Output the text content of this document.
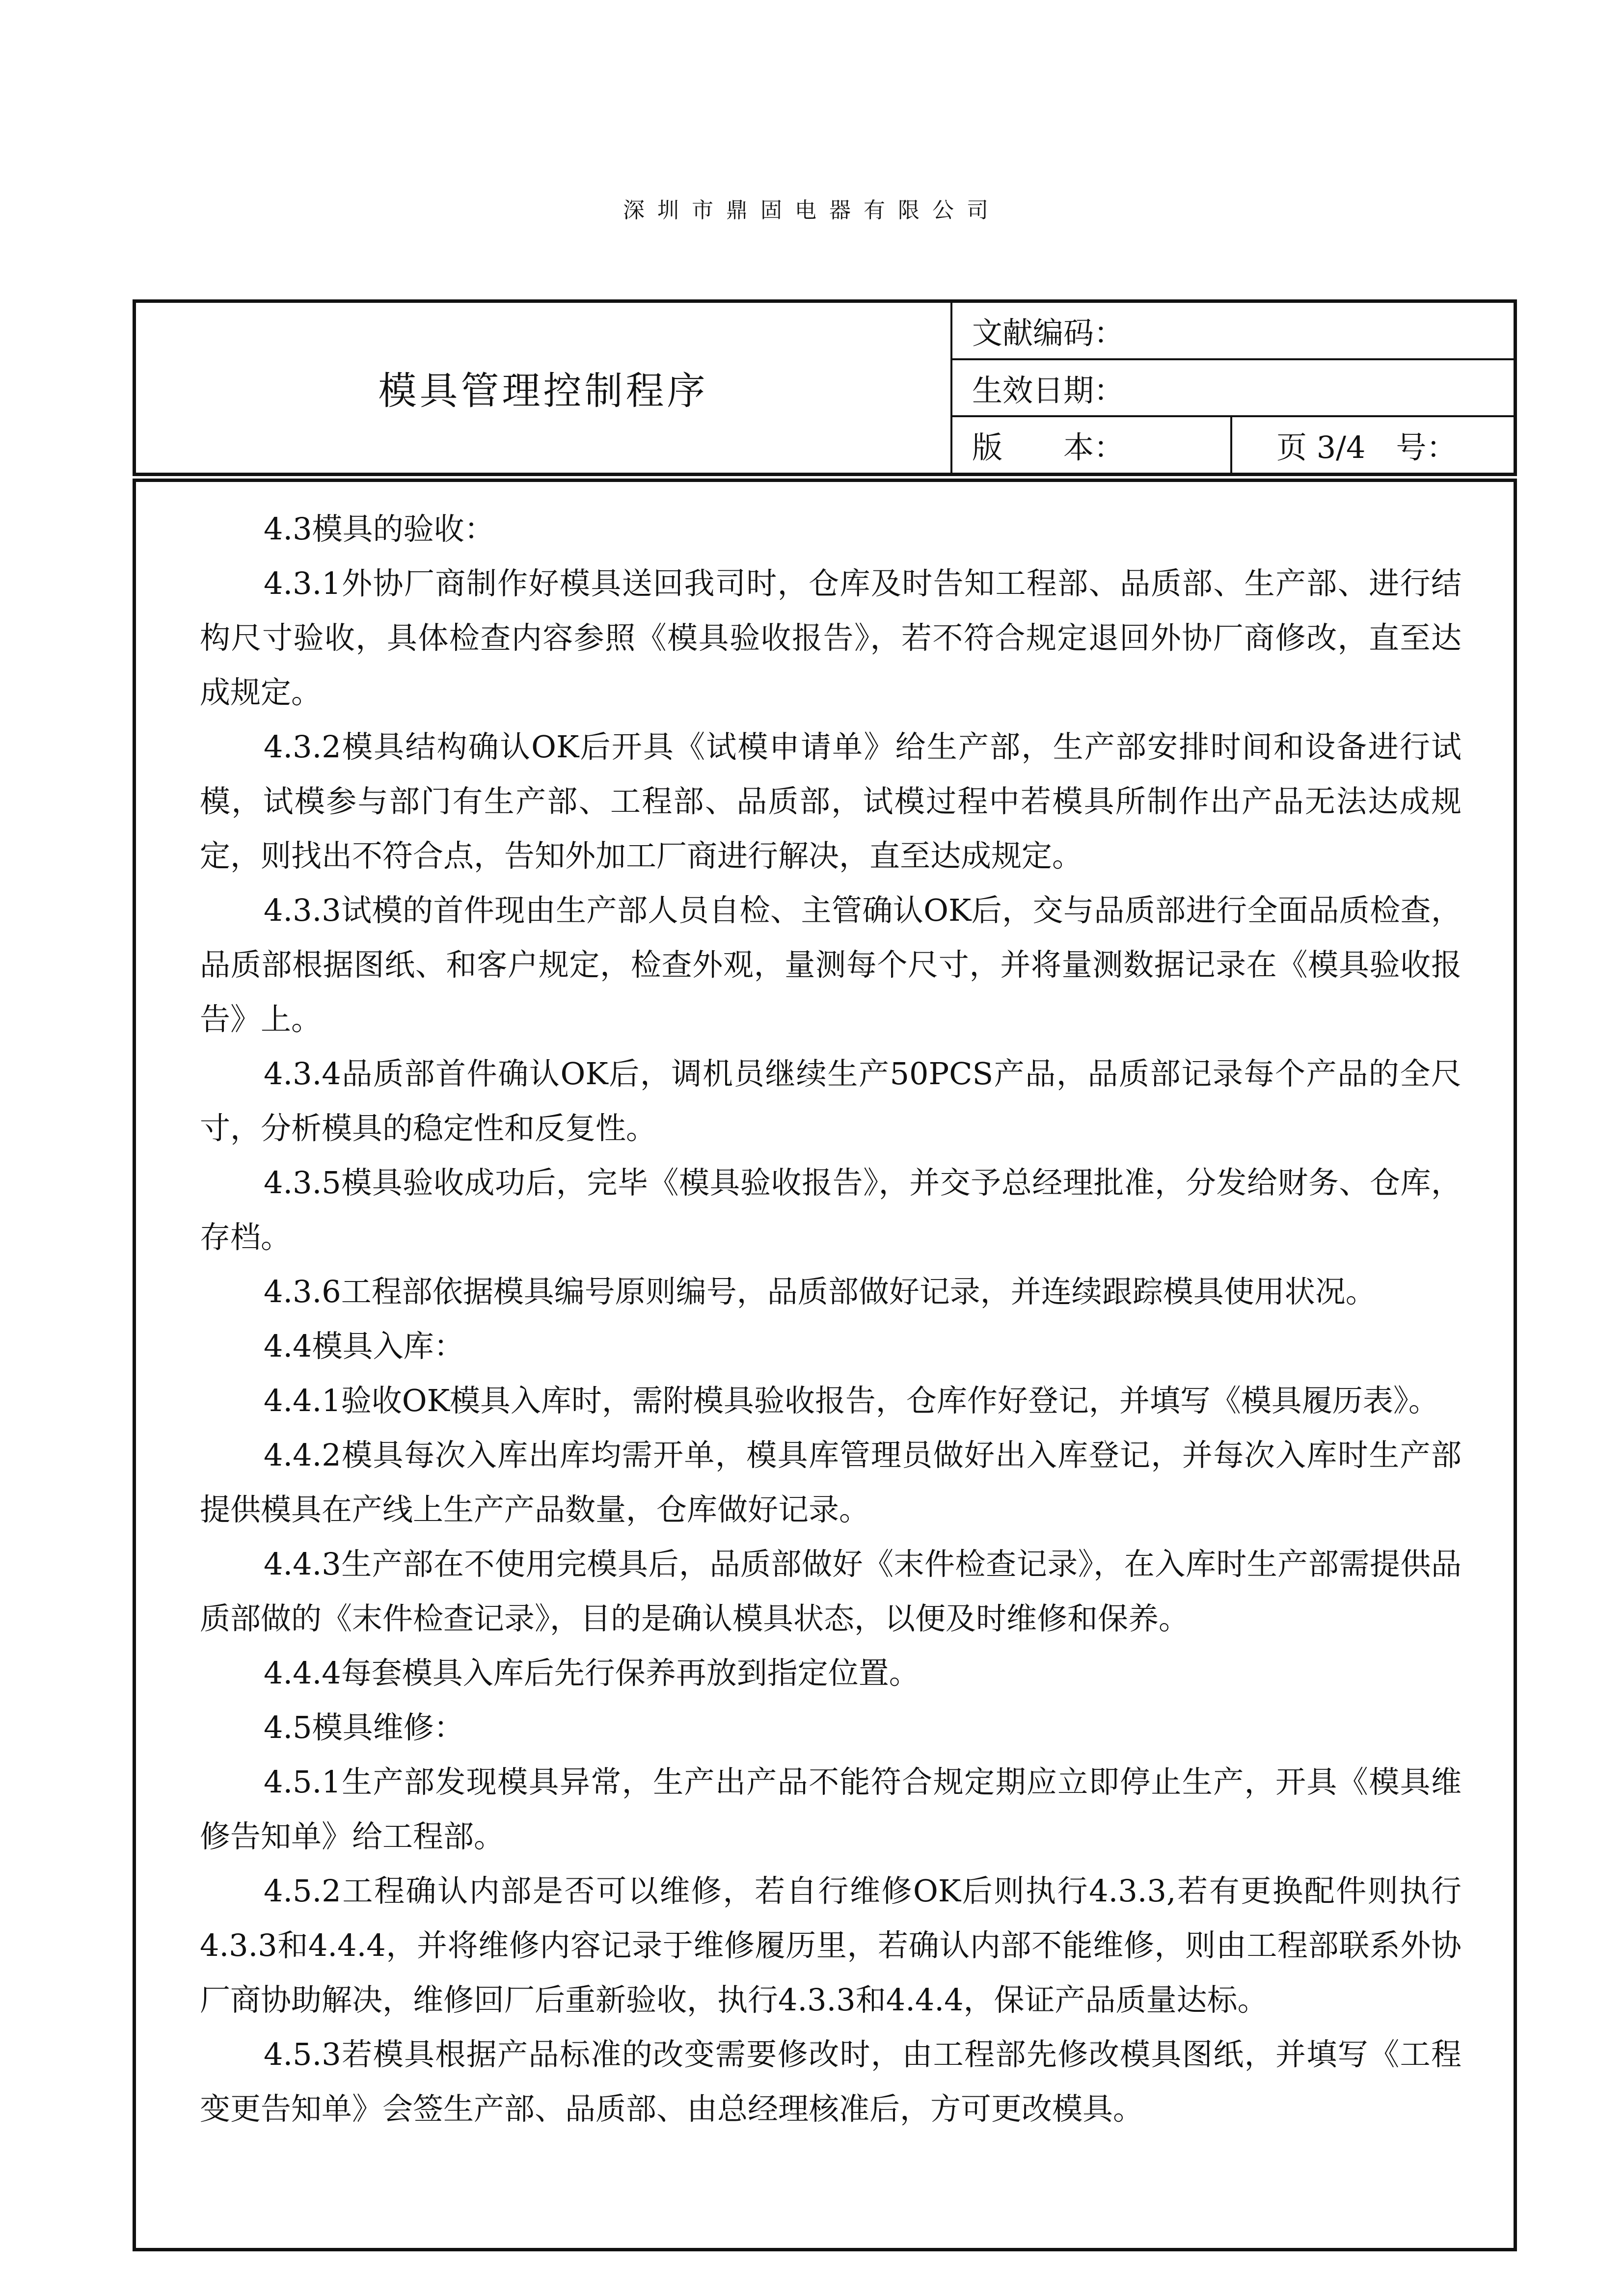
深圳市鼎固电器有限公司
模具管理控制程序
文献编码：
生效日期：
版　　本：	页 3/4　号：

4.3模具的验收：

4.3.1外协厂商制作好模具送回我司时，仓库及时告知工程部、品质部、生产部、进行结构尺寸验收，具体检查内容参照《模具验收报告》，若不符合规定退回外协厂商修改，直至达成规定。

4.3.2模具结构确认OK后开具《试模申请单》给生产部，生产部安排时间和设备进行试模，试模参与部门有生产部、工程部、品质部，试模过程中若模具所制作出产品无法达成规定，则找出不符合点，告知外加工厂商进行解决，直至达成规定。

4.3.3试模的首件现由生产部人员自检、主管确认OK后，交与品质部进行全面品质检查，品质部根据图纸、和客户规定，检查外观，量测每个尺寸，并将量测数据记录在《模具验收报告》上。

4.3.4品质部首件确认OK后，调机员继续生产50PCS产品，品质部记录每个产品的全尺寸，分析模具的稳定性和反复性。

4.3.5模具验收成功后，完毕《模具验收报告》，并交予总经理批准，分发给财务、仓库，存档。

4.3.6工程部依据模具编号原则编号，品质部做好记录，并连续跟踪模具使用状况。

4.4模具入库：

4.4.1验收OK模具入库时，需附模具验收报告，仓库作好登记，并填写《模具履历表》。

4.4.2模具每次入库出库均需开单，模具库管理员做好出入库登记，并每次入库时生产部提供模具在产线上生产产品数量，仓库做好记录。

4.4.3生产部在不使用完模具后，品质部做好《末件检查记录》，在入库时生产部需提供品质部做的《末件检查记录》，目的是确认模具状态，以便及时维修和保养。

4.4.4每套模具入库后先行保养再放到指定位置。

4.5模具维修：

4.5.1生产部发现模具异常，生产出产品不能符合规定期应立即停止生产，开具《模具维修告知单》给工程部。

4.5.2工程确认内部是否可以维修，若自行维修OK后则执行4.3.3,若有更换配件则执行4.3.3和4.4.4，并将维修内容记录于维修履历里，若确认内部不能维修，则由工程部联系外协厂商协助解决，维修回厂后重新验收，执行4.3.3和4.4.4，保证产品质量达标。

4.5.3若模具根据产品标准的改变需要修改时，由工程部先修改模具图纸，并填写《工程变更告知单》会签生产部、品质部、由总经理核准后，方可更改模具。
